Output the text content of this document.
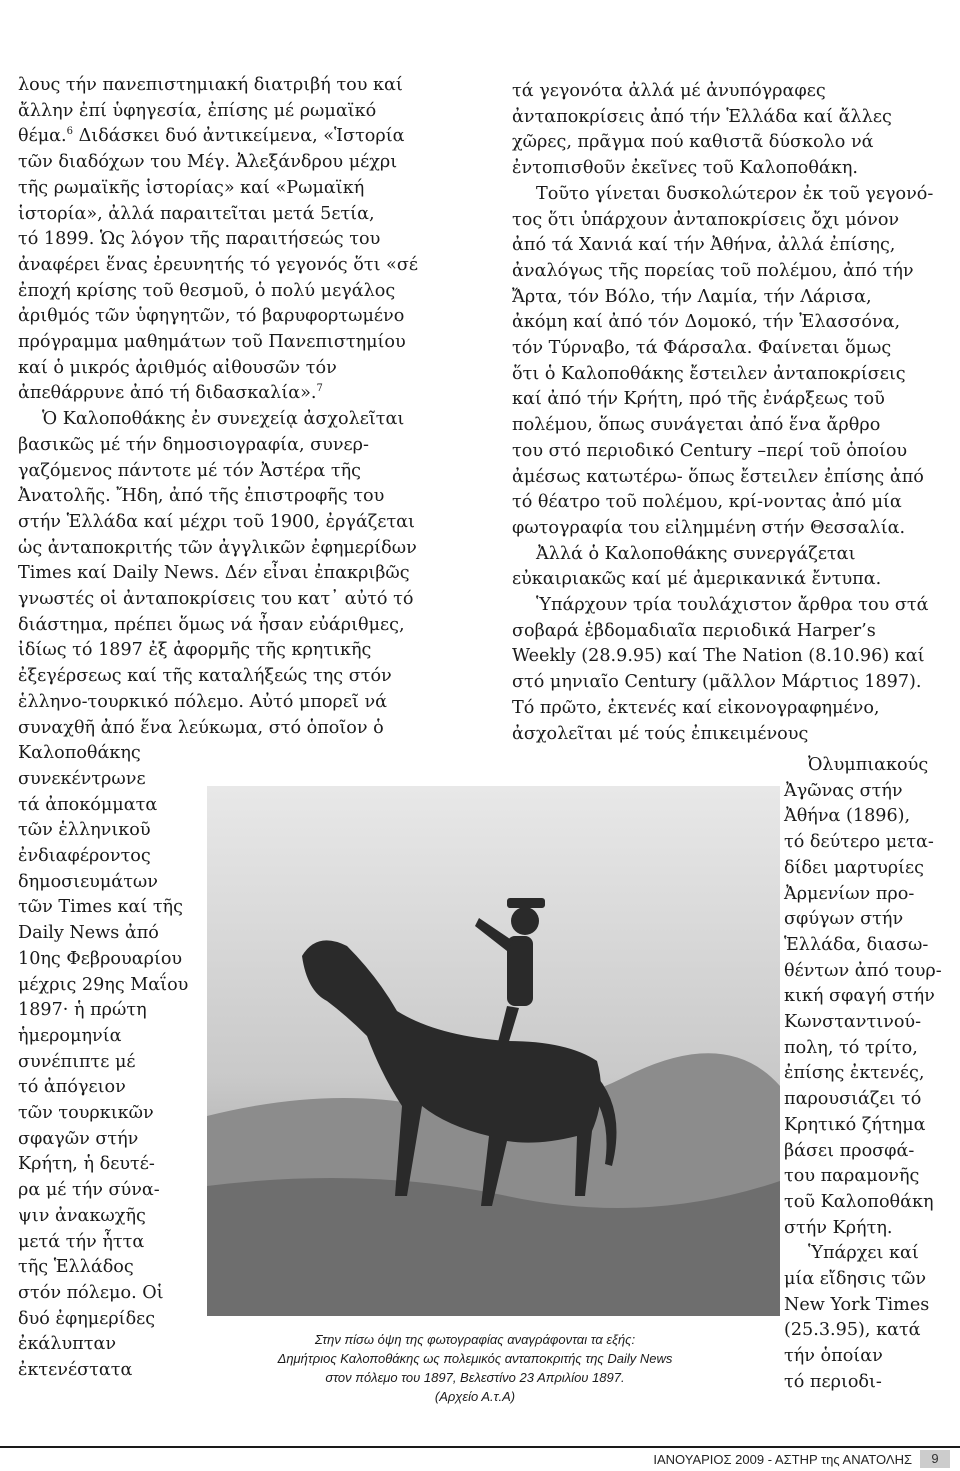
λους τήν πανεπιστημιακή διατριβή του καί
ἄλλην ἐπί ὑφηγεσία, ἐπίσης μέ ρωμαϊκό
θέμα.$^6$ Διδάσκει δυό ἀντικείμενα, «Ἱστορία
τῶν διαδόχων του Μέγ. Ἀλεξάνδρου μέχρι
τῆς ρωμαϊκῆς ἱστορίας» καί «Ρωμαϊκή
ἱστορία», ἀλλά παραιτεῖται μετά 5ετία,
τό 1899. Ὡς λόγον τῆς παραιτήσεώς του
ἀναφέρει ἕνας ἐρευνητής τό γεγονός ὅτι «σέ
ἐποχή κρίσης τοῦ θεσμοῦ, ὁ πολύ μεγάλος
ἀριθμός τῶν ὑφηγητῶν, τό βαρυφορτωμένο
πρόγραμμα μαθημάτων τοῦ Πανεπιστημίου
καί ὁ μικρός ἀριθμός αἰθουσῶν τόν
ἀπεθάρρυνε ἀπό τή διδασκαλία».$^7$
Ὁ Καλοποθάκης ἐν συνεχείᾳ ἀσχολεῖται
βασικῶς μέ τήν δημοσιογραφία, συνερ-
γαζόμενος πάντοτε μέ τόν Ἀστέρα τῆς
Ἀνατολῆς. Ἤδη, ἀπό τῆς ἐπιστροφῆς του
στήν Ἑλλάδα καί μέχρι τοῦ 1900, ἐργάζεται
ὡς ἀνταποκριτής τῶν ἀγγλικῶν ἐφημερίδων
Times καί Daily News. Δέν εἶναι ἐπακριβῶς
γνωστές οἱ ἀνταποκρίσεις του κατ᾽ αὐτό τό
διάστημα, πρέπει ὅμως νά ἦσαν εὐάριθμες,
ἰδίως τό 1897 ἐξ ἀφορμῆς τῆς κρητικῆς
ἐξεγέρσεως καί τῆς καταλήξεώς της στόν
ἑλληνο-τουρκικό πόλεμο. Αὐτό μπορεῖ νά
συναχθῆ ἀπό ἕνα λεύκωμα, στό ὁποῖον ὁ
Καλοποθάκης
συνεκέντρωνε
τά ἀποκόμματα
τῶν ἑλληνικοῦ
ἐνδιαφέροντος
δημοσιευμάτων
τῶν Times καί τῆς
Daily News ἀπό
10ης Φεβρουαρίου
μέχρις 29ης Μαΐου
1897· ἡ πρώτη
ἡμερομηνία
συνέπιπτε μέ
τό ἀπόγειον
τῶν τουρκικῶν
σφαγῶν στήν
Κρήτη, ἡ δευτέ-
ρα μέ τήν σύνα-
ψιν ἀνακωχῆς
μετά τήν ἧττα
τῆς Ἑλλάδος
στόν πόλεμο. Οἱ
δυό ἐφημερίδες
ἐκάλυπταν
ἐκτενέστατα
τά γεγονότα ἀλλά μέ ἀνυπόγραφες
ἀνταποκρίσεις ἀπό τήν Ἑλλάδα καί ἄλλες
χῶρες, πρᾶγμα πού καθιστᾶ δύσκολο νά
ἐντοπισθοῦν ἐκεῖνες τοῦ Καλοποθάκη.
Τοῦτο γίνεται δυσκολώτερον ἐκ τοῦ γεγονό-
τος ὅτι ὑπάρχουν ἀνταποκρίσεις ὄχι μόνον
ἀπό τά Χανιά καί τήν Ἀθήνα, ἀλλά ἐπίσης,
ἀναλόγως τῆς πορείας τοῦ πολέμου, ἀπό τήν
Ἄρτα, τόν Βόλο, τήν Λαμία, τήν Λάρισα,
ἀκόμη καί ἀπό τόν Δομοκό, τήν Ἐλασσόνα,
τόν Τύρναβο, τά Φάρσαλα. Φαίνεται ὅμως
ὅτι ὁ Καλοποθάκης ἔστειλεν ἀνταποκρίσεις
καί ἀπό τήν Κρήτη, πρό τῆς ἐνάρξεως τοῦ
πολέμου, ὅπως συνάγεται ἀπό ἕνα ἄρθρο
του στό περιοδικό Century –περί τοῦ ὁποίου
ἀμέσως κατωτέρω- ὅπως ἔστειλεν ἐπίσης ἀπό
τό θέατρο τοῦ πολέμου, κρί-νοντας ἀπό μία
φωτογραφία του εἰλημμένη στήν Θεσσαλία.
Ἀλλά ὁ Καλοποθάκης συνεργάζεται
εὐκαιριακῶς καί μέ ἀμερικανικά ἔντυπα.
Ὑπάρχουν τρία τουλάχιστον ἄρθρα του στά
σοβαρά ἑβδομαδιαῖα περιοδικά Harper’s
Weekly (28.9.95) καί The Nation (8.10.96) καί
στό μηνιαῖο Century (μᾶλλον Μάρτιος 1897).
Τό πρῶτο, ἐκτενές καί εἰκονογραφημένο,
ἀσχολεῖται μέ τούς ἐπικειμένους
Ὀλυμπιακούς
Ἀγῶνας στήν
Ἀθήνα (1896),
τό δεύτερο μετα-
δίδει μαρτυρίες
Ἀρμενίων προ-
σφύγων στήν
Ἑλλάδα, διασω-
θέντων ἀπό τουρ-
κική σφαγή στήν
Κωνσταντινού-
πολη, τό τρίτο,
ἐπίσης ἐκτενές,
παρουσιάζει τό
Κρητικό ζήτημα
βάσει προσφά-
του παραμονῆς
τοῦ Καλοποθάκη
στήν Κρήτη.
Ὑπάρχει καί
μία εἴδησις τῶν
New York Times
(25.3.95), κατά
τήν ὁποίαν
τό περιοδι-
Στην πίσω όψη της φωτογραφίας αναγράφονται τα εξής:
Δημήτριος Καλοποθάκης ως πολεμικός ανταποκριτής της Daily News
στον πόλεμο του 1897, Βελεστίνο 23 Απριλίου 1897.
(Αρχείο Α.τ.Α)
ΙΑΝΟΥΑΡΙΟΣ 2009 - ΑΣΤΗΡ της ΑΝΑΤΟΛΗΣ	9
